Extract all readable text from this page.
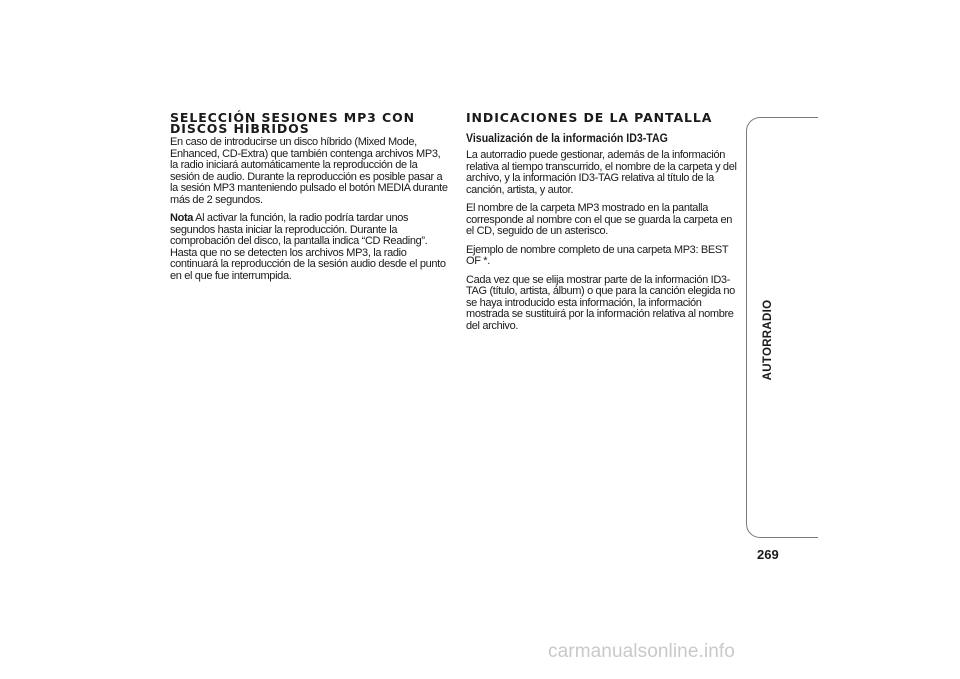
SELECCIÓN SESIONES MP3 CON DISCOS HÍBRIDOS

En caso de introducirse un disco híbrido (Mixed Mode, Enhanced, CD-Extra) que también contenga archivos MP3, la radio iniciará automáticamente la reproducción de la sesión de audio. Durante la reproducción es posible pasar a la sesión MP3 manteniendo pulsado el botón MEDIA durante más de 2 segundos.

Nota Al activar la función, la radio podría tardar unos segundos hasta iniciar la reproducción. Durante la comprobación del disco, la pantalla indica “CD Reading”. Hasta que no se detecten los archivos MP3, la radio continuará la reproducción de la sesión audio desde el punto en el que fue interrumpida.

INDICACIONES DE LA PANTALLA
Visualización de la información ID3-TAG

La autorradio puede gestionar, además de la información relativa al tiempo transcurrido, el nombre de la carpeta y del archivo, y la información ID3-TAG relativa al título de la canción, artista, y autor.

El nombre de la carpeta MP3 mostrado en la pantalla corresponde al nombre con el que se guarda la carpeta en el CD, seguido de un asterisco.

Ejemplo de nombre completo de una carpeta MP3: BEST OF *.

Cada vez que se elija mostrar parte de la información ID3-TAG (título, artista, álbum) o que para la canción elegida no se haya introducido esta información, la información mostrada se sustituirá por la información relativa al nombre del archivo.	AUTORRADIO
269
carmanualsonline.info
